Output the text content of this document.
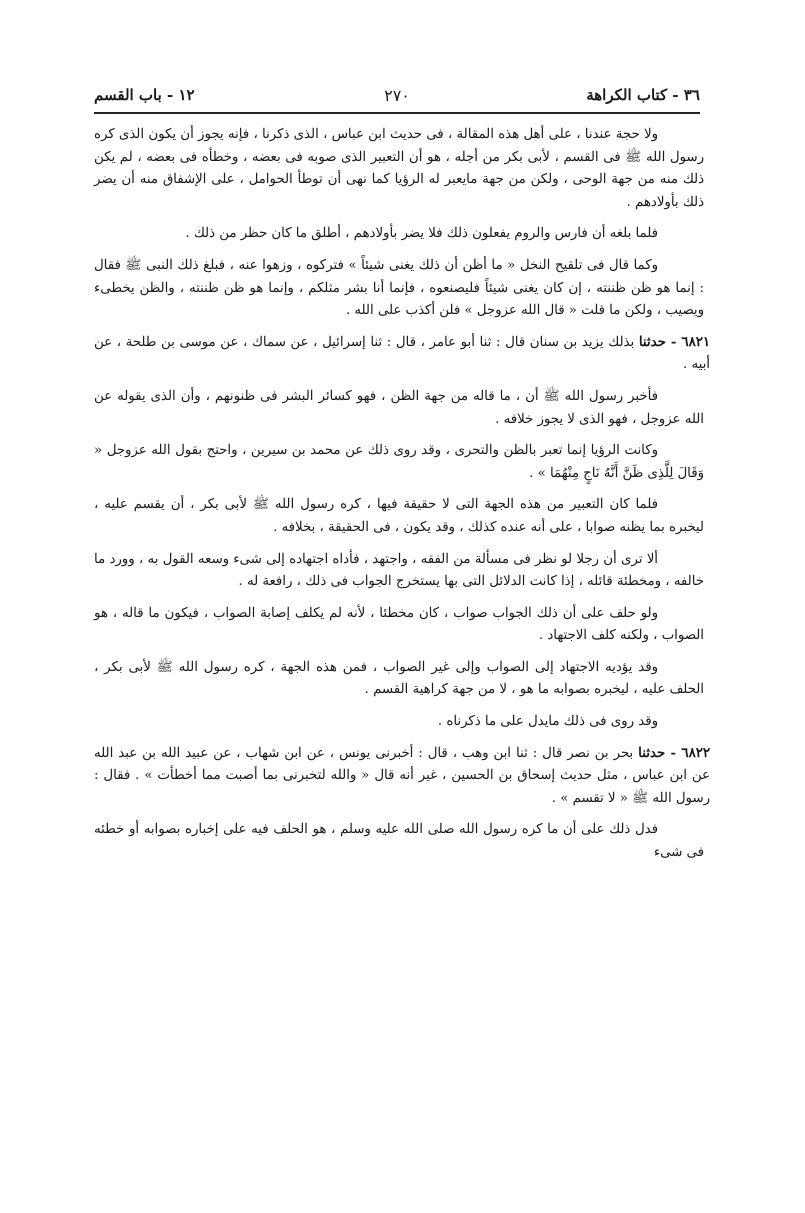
٣٦ - كتاب الكراهة
٢٧٠
١٢ - باب القسم

ولا حجة عندنا ، على أهل هذه المقالة ، فى حديث ابن عباس ، الذى ذكرنا ، فإنه يجوز أن يكون الذى كره رسول الله ﷺ فى القسم ، لأبى بكر من أجله ، هو أن التعبير الذى صوبه فى بعضه ، وخطأه فى بعضه ، لم يكن ذلك منه من جهة الوحى ، ولكن من جهة مايعبر له الرؤيا كما نهى أن توطأ الحوامل ، على الإشفاق منه أن يضر ذلك بأولادهم .

فلما بلغه أن فارس والروم يفعلون ذلك فلا يضر بأولادهم ، أطلق ما كان حظر من ذلك .

وكما قال فى تلقيح النخل « ما أظن أن ذلك يغنى شيئاً » فتركوه ، وزهوا عنه ، فبلغ ذلك النبى ﷺ فقال : إنما هو ظن ظننته ، إن كان يغنى شيئاً فليصنعوه ، فإنما أنا بشر مثلكم ، وإنما هو ظن ظننته ، والظن يخطىء ويصيب ، ولكن ما قلت « قال الله عزوجل » فلن أكذب على الله .

٦٨٢١ - حدثنا بذلك يزيد بن سنان قال : ثنا أبو عامر ، قال : ثنا إسرائيل ، عن سماك ، عن موسى بن طلحة ، عن أبيه .

فأخبر رسول الله ﷺ أن ، ما قاله من جهة الظن ، فهو كسائر البشر فى ظنونهم ، وأن الذى يقوله عن الله عزوجل ، فهو الذى لا يجوز خلافه .

وكانت الرؤيا إنما تعبر بالظن والتحرى ، وقد روى ذلك عن محمد بن سيرين ، واحتج بقول الله عزوجل « وَقَالَ لِلَّذِى ظَنَّ أَنَّهُ نَاجٍ مِنْهُمَا » .

فلما كان التعبير من هذه الجهة التى لا حقيقة فيها ، كره رسول الله ﷺ لأبى بكر ، أن يقسم عليه ، ليخبره بما يظنه صوابا ، على أنه عنده كذلك ، وقد يكون ، فى الحقيقة ، بخلافه .

ألا ترى أن رجلا لو نظر فى مسألة من الفقه ، واجتهد ، فأداه اجتهاده إلى شىء وسعه القول به ، وورد ما خالفه ، ومخطئة قائله ، إذا كانت الدلائل التى بها يستخرج الجواب فى ذلك ، رافعة له .

ولو حلف على أن ذلك الجواب صواب ، كان مخطئا ، لأنه لم يكلف إصابة الصواب ، فيكون ما قاله ، هو الصواب ، ولكنه كلف الاجتهاد .

وقد يؤديه الاجتهاد إلى الصواب وإلى غير الصواب ، فمن هذه الجهة ، كره رسول الله ﷺ لأبى بكر ، الحلف عليه ، ليخبره بصوابه ما هو ، لا من جهة كراهية القسم .

وقد روى فى ذلك مايدل على ما ذكرناه .

٦٨٢٢ - حدثنا بحر بن نصر قال : ثنا ابن وهب ، قال : أخبرنى يونس ، عن ابن شهاب ، عن عبيد الله بن عبد الله عن ابن عباس ، مثل حديث إسحاق بن الحسين ، غير أنه قال « والله لتخبرنى بما أصبت مما أخطأت » . فقال : رسول الله ﷺ « لا تقسم » .

فدل ذلك على أن ما كره رسول الله صلى الله عليه وسلم ، هو الحلف فيه على إخباره بصوابه أو خطئه فى شىء
